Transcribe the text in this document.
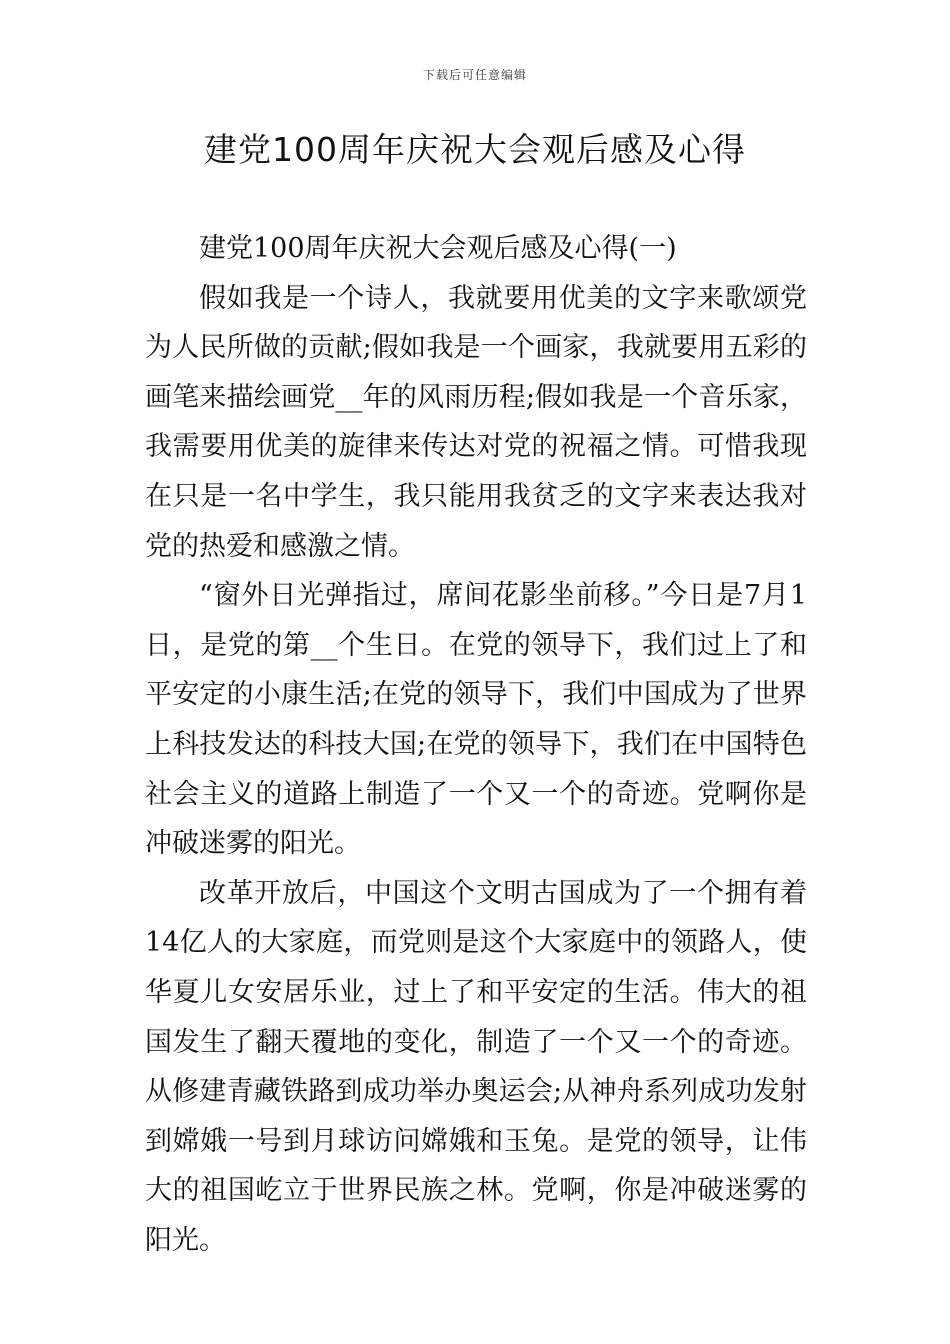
下载后可任意编辑
建党100周年庆祝大会观后感及心得

建党100周年庆祝大会观后感及心得(一)

假如我是一个诗人，我就要用优美的文字来歌颂党为人民所做的贡献;假如我是一个画家，我就要用五彩的画笔来描绘画党__年的风雨历程;假如我是一个音乐家，我需要用优美的旋律来传达对党的祝福之情。可惜我现在只是一名中学生，我只能用我贫乏的文字来表达我对党的热爱和感激之情。

“窗外日光弹指过，席间花影坐前移。”今日是7月1日，是党的第__个生日。在党的领导下，我们过上了和平安定的小康生活;在党的领导下，我们中国成为了世界上科技发达的科技大国;在党的领导下，我们在中国特色社会主义的道路上制造了一个又一个的奇迹。党啊你是冲破迷雾的阳光。

改革开放后，中国这个文明古国成为了一个拥有着14亿人的大家庭，而党则是这个大家庭中的领路人，使华夏儿女安居乐业，过上了和平安定的生活。伟大的祖国发生了翻天覆地的变化，制造了一个又一个的奇迹。从修建青藏铁路到成功举办奥运会;从神舟系列成功发射到嫦娥一号到月球访问嫦娥和玉兔。是党的领导，让伟大的祖国屹立于世界民族之林。党啊，你是冲破迷雾的阳光。
